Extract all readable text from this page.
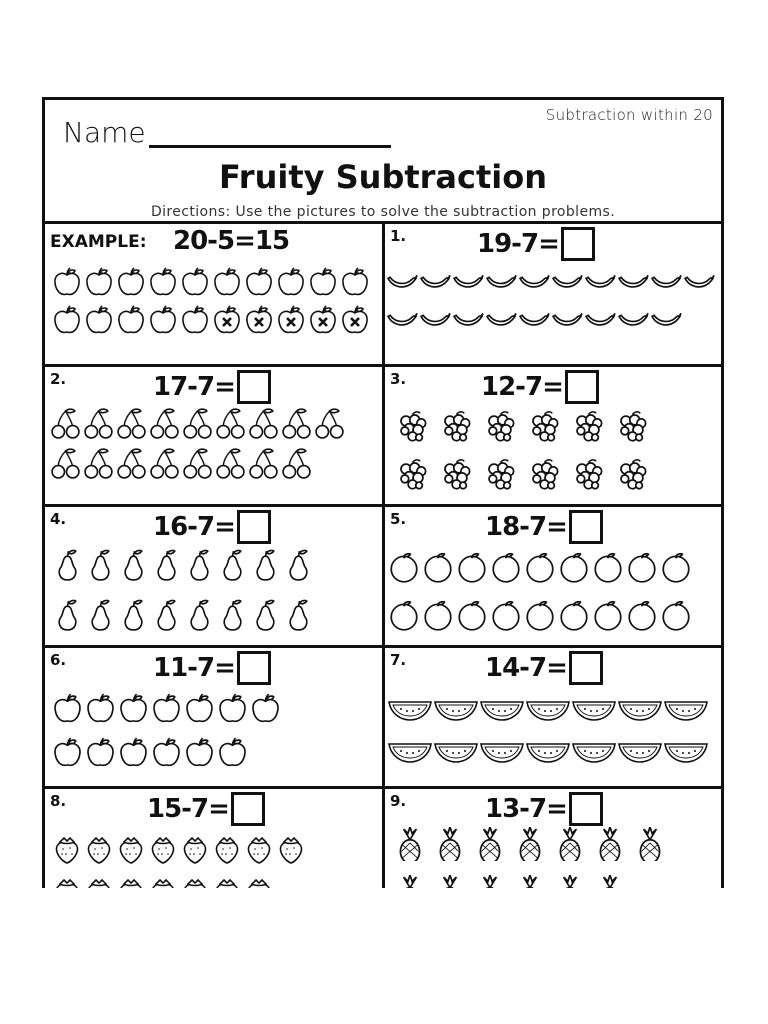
Subtraction within 20
Name
Fruity Subtraction
Directions: Use the pictures to solve the subtraction problems.
EXAMPLE: 20-5=15	1.	19-7=
2.	17-7=	3.	12-7=
4.	16-7=	5.	18-7=
6.	11-7=	7.	14-7=
8.	15-7=	9.	13-7=
